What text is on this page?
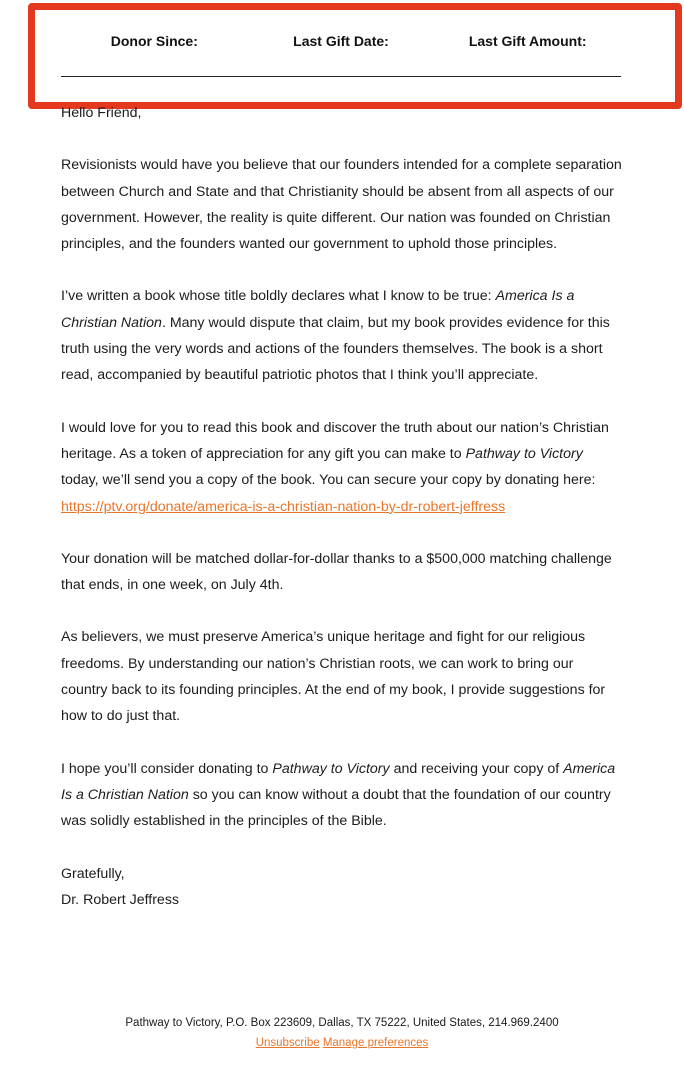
Donor Since:	Last Gift Date:	Last Gift Amount:

Hello Friend,

Revisionists would have you believe that our founders intended for a complete separation between Church and State and that Christianity should be absent from all aspects of our government. However, the reality is quite different. Our nation was founded on Christian principles, and the founders wanted our government to uphold those principles.

I’ve written a book whose title boldly declares what I know to be true: America Is a Christian Nation. Many would dispute that claim, but my book provides evidence for this truth using the very words and actions of the founders themselves. The book is a short read, accompanied by beautiful patriotic photos that I think you’ll appreciate.

I would love for you to read this book and discover the truth about our nation’s Christian heritage. As a token of appreciation for any gift you can make to Pathway to Victory today, we’ll send you a copy of the book. You can secure your copy by donating here: https://ptv.org/donate/america-is-a-christian-nation-by-dr-robert-jeffress

Your donation will be matched dollar-for-dollar thanks to a $500,000 matching challenge that ends, in one week, on July 4th.

As believers, we must preserve America’s unique heritage and fight for our religious freedoms. By understanding our nation’s Christian roots, we can work to bring our country back to its founding principles. At the end of my book, I provide suggestions for how to do just that.

I hope you’ll consider donating to Pathway to Victory and receiving your copy of America Is a Christian Nation so you can know without a doubt that the foundation of our country was solidly established in the principles of the Bible.

Gratefully,
Dr. Robert Jeffress
Pathway to Victory, P.O. Box 223609, Dallas, TX 75222, United States, 214.969.2400
Unsubscribe Manage preferences
